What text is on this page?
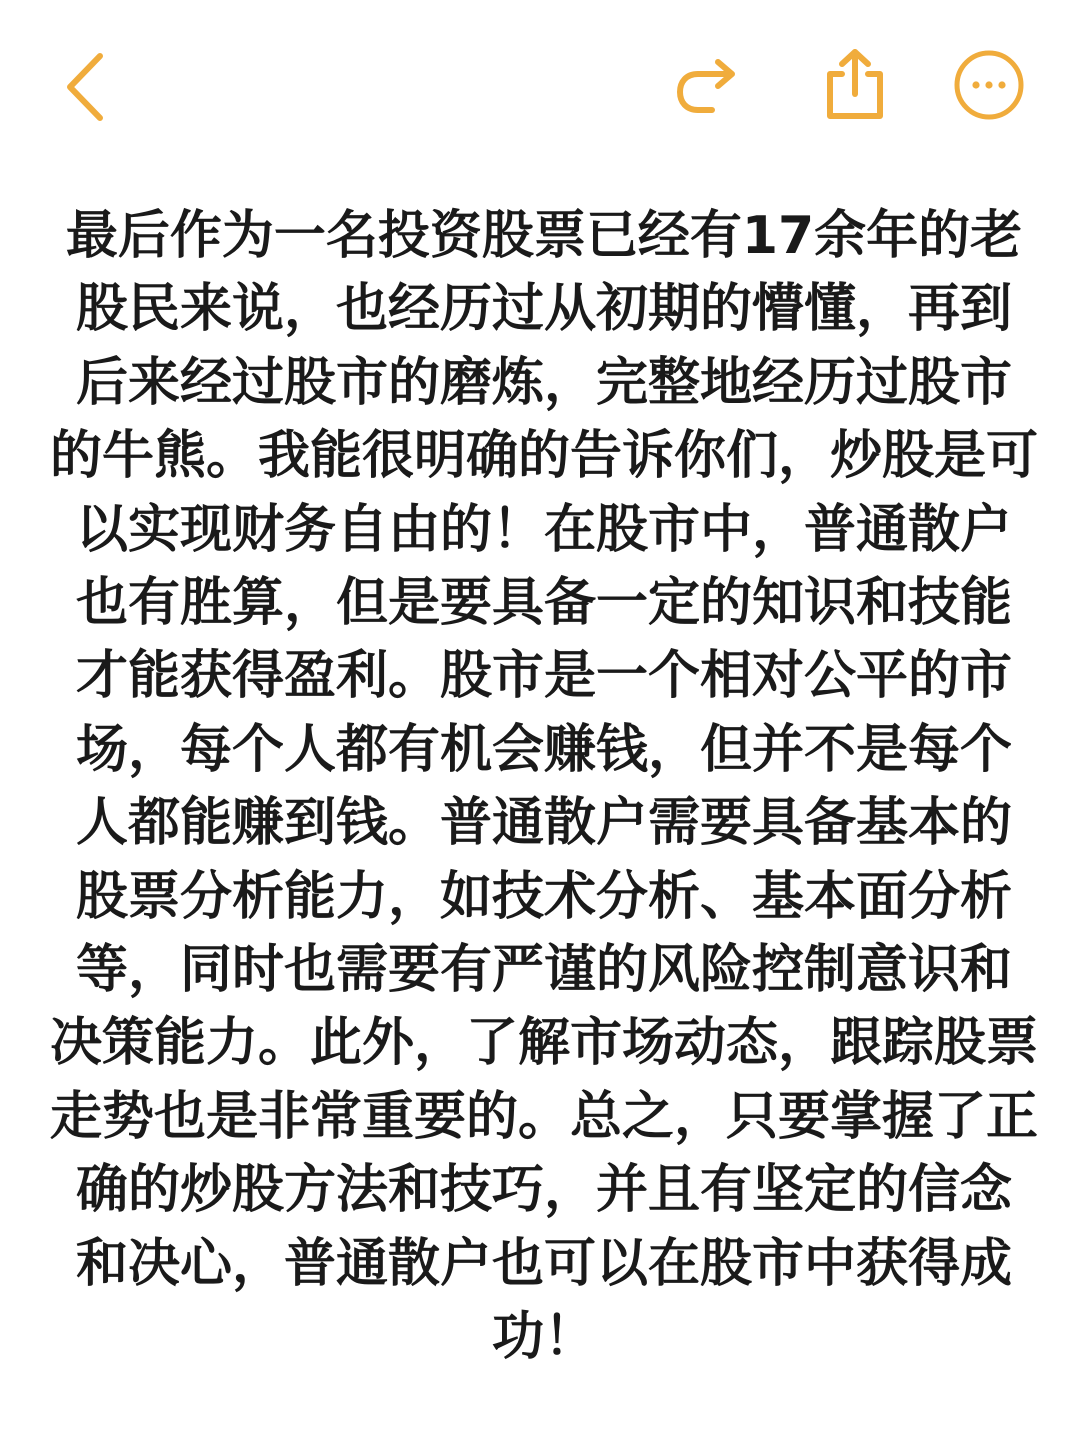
最后作为一名投资股票已经有17余年的老
股民来说，也经历过从初期的懵懂，再到
后来经过股市的磨炼，完整地经历过股市
的牛熊。我能很明确的告诉你们，炒股是可
以实现财务自由的！在股市中，普通散户
也有胜算，但是要具备一定的知识和技能
才能获得盈利。股市是一个相对公平的市
场，每个人都有机会赚钱，但并不是每个
人都能赚到钱。普通散户需要具备基本的
股票分析能力，如技术分析、基本面分析
等，同时也需要有严谨的风险控制意识和
决策能力。此外，了解市场动态，跟踪股票
走势也是非常重要的。总之，只要掌握了正
确的炒股方法和技巧，并且有坚定的信念
和决心，普通散户也可以在股市中获得成
功！
